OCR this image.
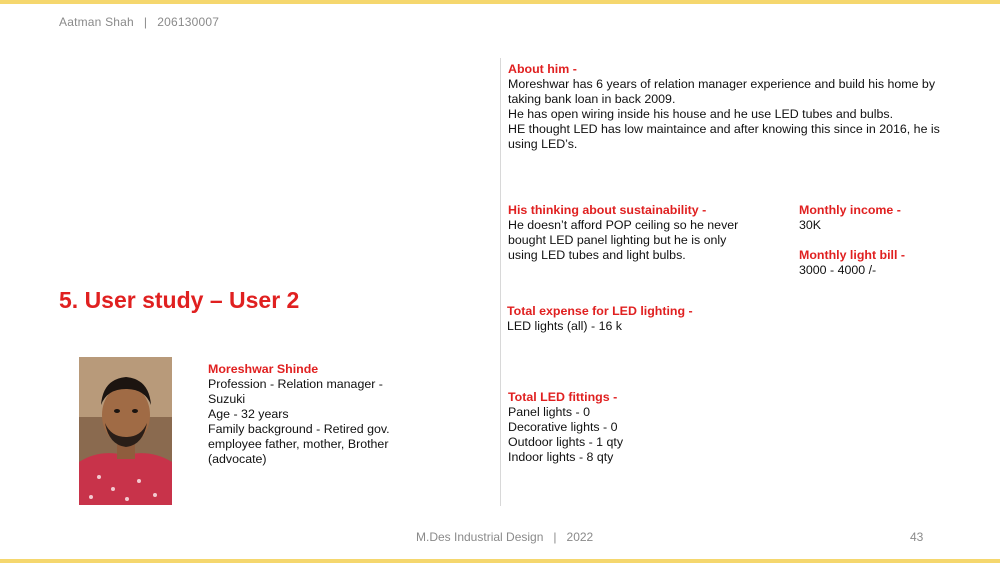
Aatman Shah | 206130007
5. User study – User 2
Moreshwar Shinde
Profession - Relation manager -
Suzuki
Age - 32 years
Family background - Retired gov.
employee father, mother, Brother
(advocate)
About him -
Moreshwar has 6 years of relation manager experience and build his home by
taking bank loan in back 2009.
He has open wiring inside his house and he use LED tubes and bulbs.
HE thought LED has low maintaince and after knowing this since in 2016, he is
using LED’s.
His thinking about sustainability -
He doesn’t afford POP ceiling so he never
bought LED panel lighting but he is only
using LED tubes and light bulbs.
Monthly income -
30K
Monthly light bill -
3000 - 4000 /-
Total expense for LED lighting -
LED lights (all) - 16 k
Total LED fittings -
Panel lights - 0
Decorative lights - 0
Outdoor lights - 1 qty
Indoor lights - 8 qty
M.Des Industrial Design | 2022	43
